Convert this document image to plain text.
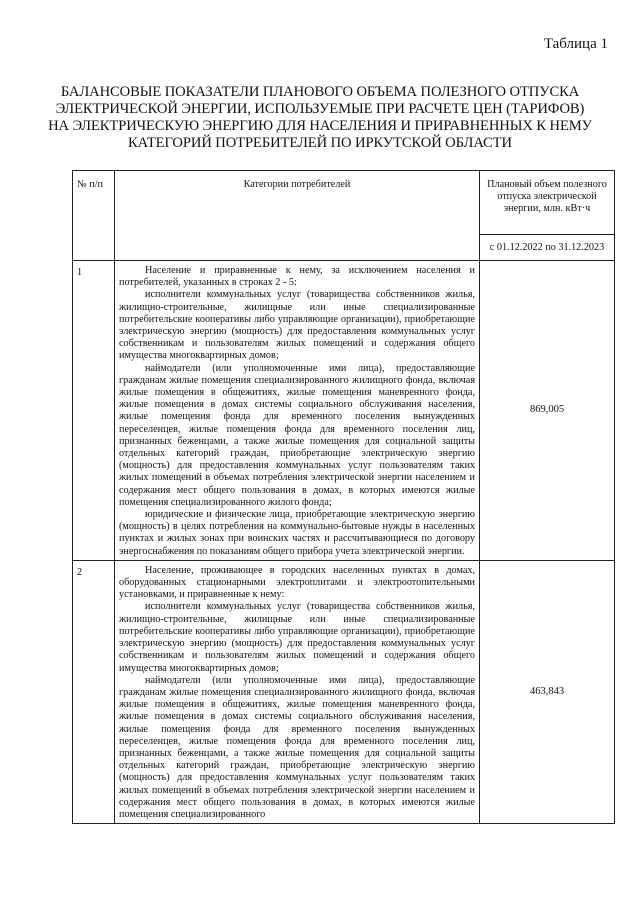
Таблица 1
БАЛАНСОВЫЕ ПОКАЗАТЕЛИ ПЛАНОВОГО ОБЪЕМА ПОЛЕЗНОГО ОТПУСКА ЭЛЕКТРИЧЕСКОЙ ЭНЕРГИИ, ИСПОЛЬЗУЕМЫЕ ПРИ РАСЧЕТЕ ЦЕН (ТАРИФОВ) НА ЭЛЕКТРИЧЕСКУЮ ЭНЕРГИЮ ДЛЯ НАСЕЛЕНИЯ И ПРИРАВНЕННЫХ К НЕМУ КАТЕГОРИЙ ПОТРЕБИТЕЛЕЙ ПО ИРКУТСКОЙ ОБЛАСТИ
№ п/п	Категории потребителей	Плановый объем полезного отпуска электрической энергии, млн. кВт·ч
		с 01.12.2022 по 31.12.2023
1	Население и приравненные к нему, за исключением населения и потребителей, указанных в строках 2 - 5:

исполнители коммунальных услуг (товарищества собственников жилья, жилищно-строительные, жилищные или иные специализированные потребительские кооперативы либо управляющие организации), приобретающие электрическую энергию (мощность) для предоставления коммунальных услуг собственникам и пользователям жилых помещений и содержания общего имущества многоквартирных домов;

наймодатели (или уполномоченные ими лица), предоставляющие гражданам жилые помещения специализированного жилищного фонда, включая жилые помещения в общежитиях, жилые помещения маневренного фонда, жилые помещения в домах системы социального обслуживания населения, жилые помещения фонда для временного поселения вынужденных переселенцев, жилые помещения фонда для временного поселения лиц, признанных беженцами, а также жилые помещения для социальной защиты отдельных категорий граждан, приобретающие электрическую энергию (мощность) для предоставления коммунальных услуг пользователям таких жилых помещений в объемах потребления электрической энергии населением и содержания мест общего пользования в домах, в которых имеются жилые помещения специализированного жилого фонда;

юридические и физические лица, приобретающие электрическую энергию (мощность) в целях потребления на коммунально-бытовые нужды в населенных пунктах и жилых зонах при воинских частях и рассчитывающиеся по договору энергоснабжения по показаниям общего прибора учета электрической энергии.	869,005
2	Население, проживающее в городских населенных пунктах в домах, оборудованных стационарными электроплитами и электроотопительными установками, и приравненные к нему:

исполнители коммунальных услуг (товарищества собственников жилья, жилищно-строительные, жилищные или иные специализированные потребительские кооперативы либо управляющие организации), приобретающие электрическую энергию (мощность) для предоставления коммунальных услуг собственникам и пользователям жилых помещений и содержания общего имущества многоквартирных домов;

наймодатели (или уполномоченные ими лица), предоставляющие гражданам жилые помещения специализированного жилищного фонда, включая жилые помещения в общежитиях, жилые помещения маневренного фонда, жилые помещения в домах системы социального обслуживания населения, жилые помещения фонда для временного поселения вынужденных переселенцев, жилые помещения фонда для временного поселения лиц, признанных беженцами, а также жилые помещения для социальной защиты отдельных категорий граждан, приобретающие электрическую энергию (мощность) для предоставления коммунальных услуг пользователям таких жилых помещений в объемах потребления электрической энергии населением и содержания мест общего пользования в домах, в которых имеются жилые помещения специализированного	463,843
